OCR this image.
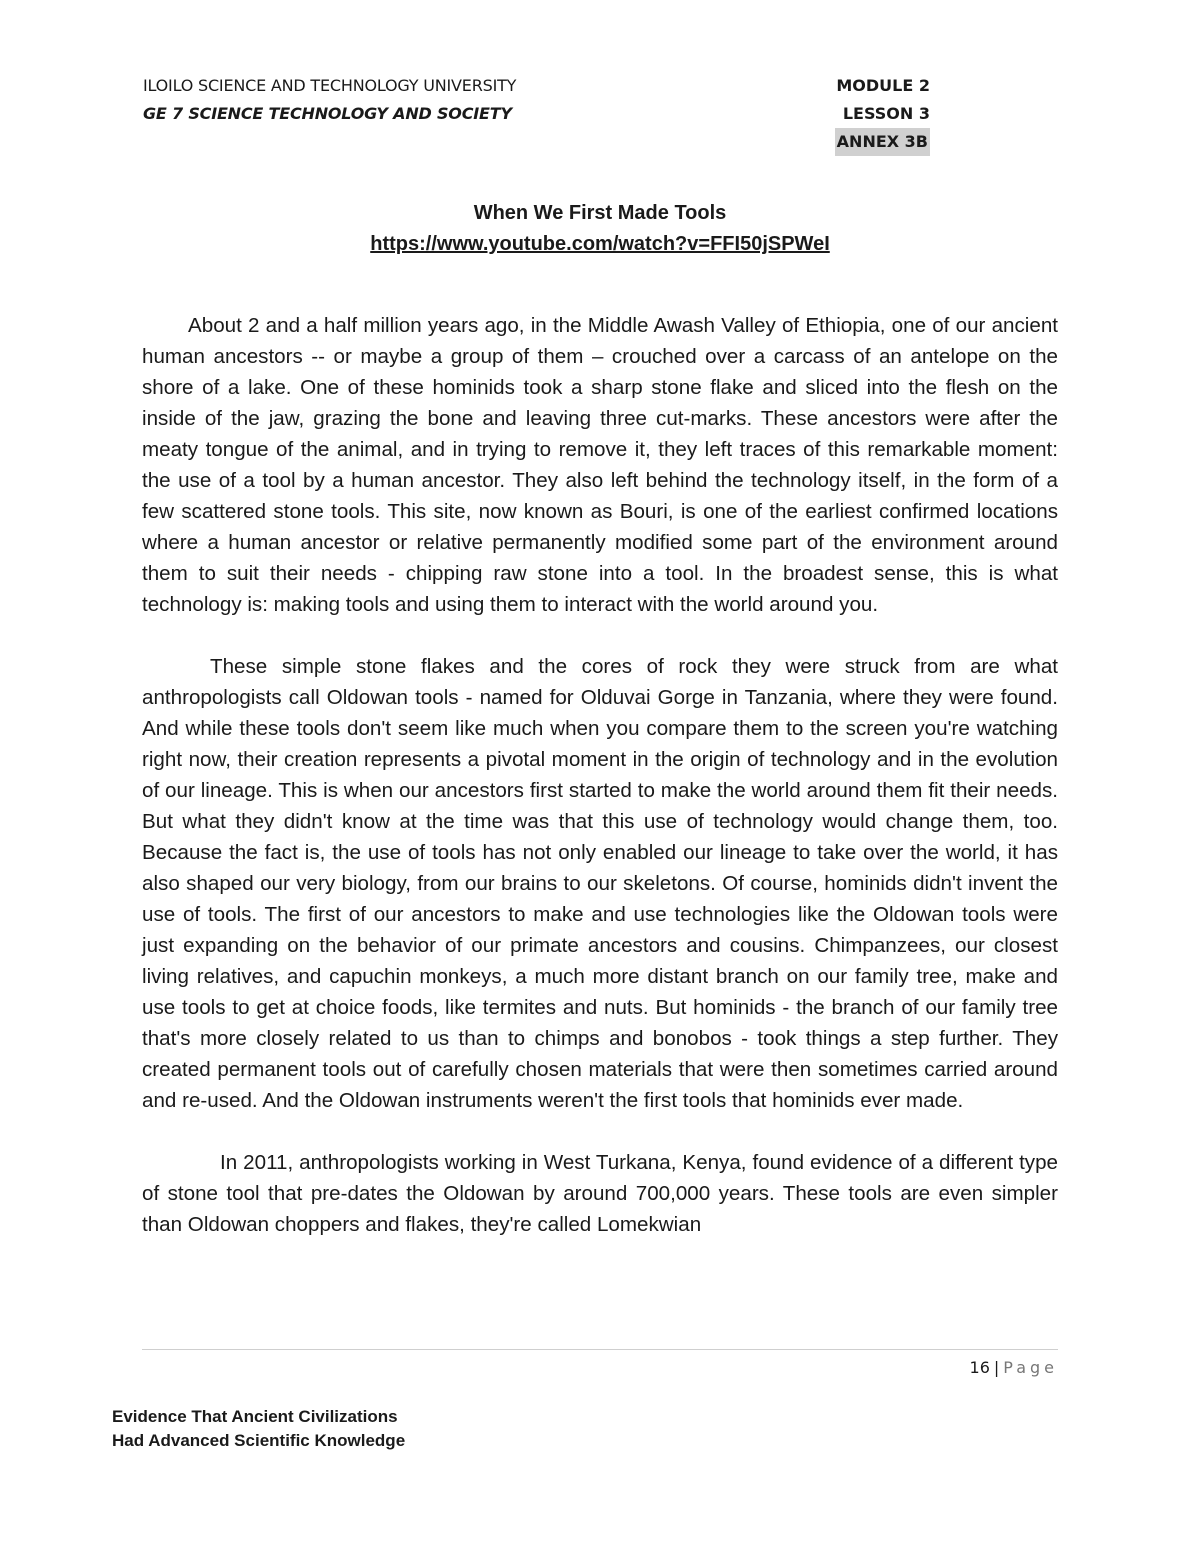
ILOILO SCIENCE AND TECHNOLOGY UNIVERSITY
GE 7 SCIENCE TECHNOLOGY AND SOCIETY
MODULE 2
LESSON 3
ANNEX 3B
When We First Made Tools
https://www.youtube.com/watch?v=FFI50jSPWeI

About 2 and a half million years ago, in the Middle Awash Valley of Ethiopia, one of our ancient human ancestors -- or maybe a group of them – crouched over a carcass of an antelope on the shore of a lake. One of these hominids took a sharp stone flake and sliced into the flesh on the inside of the jaw, grazing the bone and leaving three cut-marks. These ancestors were after the meaty tongue of the animal, and in trying to remove it, they left traces of this remarkable moment: the use of a tool by a human ancestor. They also left behind the technology itself, in the form of a few scattered stone tools. This site, now known as Bouri, is one of the earliest confirmed locations where a human ancestor or relative permanently modified some part of the environment around them to suit their needs - chipping raw stone into a tool. In the broadest sense, this is what technology is: making tools and using them to interact with the world around you.

These simple stone flakes and the cores of rock they were struck from are what anthropologists call Oldowan tools - named for Olduvai Gorge in Tanzania, where they were found. And while these tools don't seem like much when you compare them to the screen you're watching right now, their creation represents a pivotal moment in the origin of technology and in the evolution of our lineage. This is when our ancestors first started to make the world around them fit their needs. But what they didn't know at the time was that this use of technology would change them, too. Because the fact is, the use of tools has not only enabled our lineage to take over the world, it has also shaped our very biology, from our brains to our skeletons. Of course, hominids didn't invent the use of tools. The first of our ancestors to make and use technologies like the Oldowan tools were just expanding on the behavior of our primate ancestors and cousins. Chimpanzees, our closest living relatives, and capuchin monkeys, a much more distant branch on our family tree, make and use tools to get at choice foods, like termites and nuts. But hominids - the branch of our family tree that's more closely related to us than to chimps and bonobos - took things a step further. They created permanent tools out of carefully chosen materials that were then sometimes carried around and re-used. And the Oldowan instruments weren't the first tools that hominids ever made.

In 2011, anthropologists working in West Turkana, Kenya, found evidence of a different type of stone tool that pre-dates the Oldowan by around 700,000 years. These tools are even simpler than Oldowan choppers and flakes, they're called Lomekwian

16 | Page
Evidence That Ancient Civilizations
Had Advanced Scientific Knowledge
